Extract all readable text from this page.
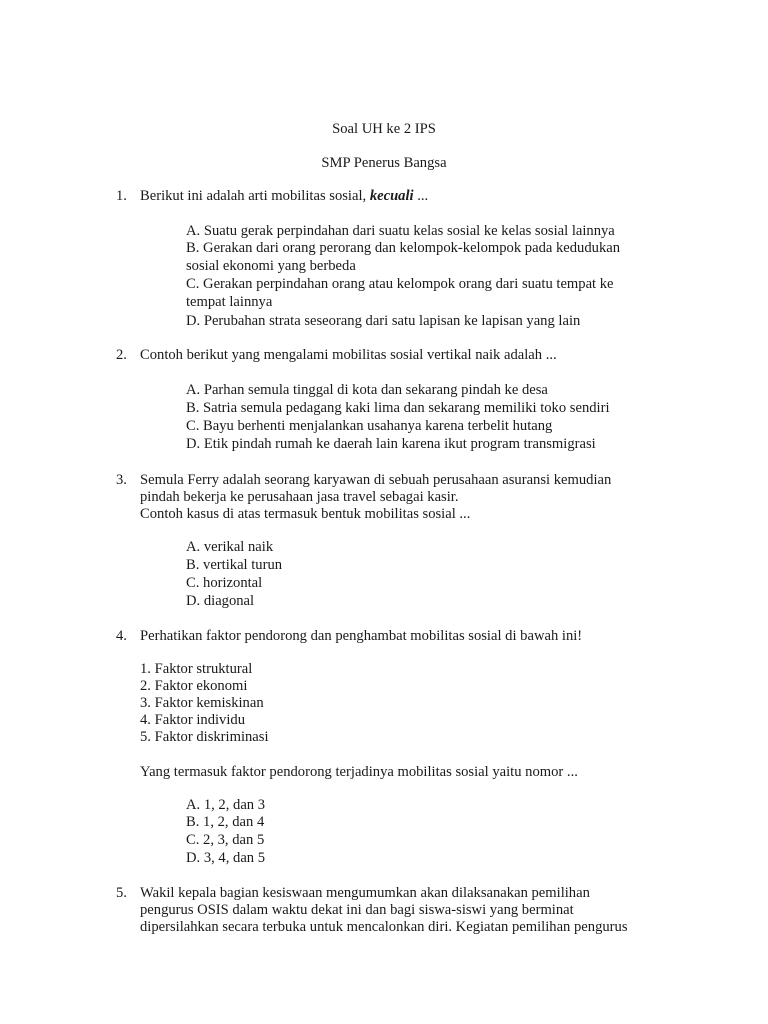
Soal UH ke 2 IPS
SMP Penerus Bangsa
1. Berikut ini adalah arti mobilitas sosial, kecuali ...
A. Suatu gerak perpindahan dari suatu kelas sosial ke kelas sosial lainnya
B. Gerakan dari orang perorang dan kelompok-kelompok pada kedudukan
sosial ekonomi yang berbeda
C. Gerakan perpindahan orang atau kelompok orang dari suatu tempat ke
tempat lainnya
D. Perubahan strata seseorang dari satu lapisan ke lapisan yang lain
2. Contoh berikut yang mengalami mobilitas sosial vertikal naik adalah ...
A. Parhan semula tinggal di kota dan sekarang pindah ke desa
B. Satria semula pedagang kaki lima dan sekarang memiliki toko sendiri
C. Bayu berhenti menjalankan usahanya karena terbelit hutang
D. Etik pindah rumah ke daerah lain karena ikut program transmigrasi
3. Semula Ferry adalah seorang karyawan di sebuah perusahaan asuransi kemudian
pindah bekerja ke perusahaan jasa travel sebagai kasir.
Contoh kasus di atas termasuk bentuk mobilitas sosial ...
A. verikal naik
B. vertikal turun
C. horizontal
D. diagonal
4. Perhatikan faktor pendorong dan penghambat mobilitas sosial di bawah ini!
1. Faktor struktural
2. Faktor ekonomi
3. Faktor kemiskinan
4. Faktor individu
5. Faktor diskriminasi
Yang termasuk faktor pendorong terjadinya mobilitas sosial yaitu nomor ...
A. 1, 2, dan 3
B. 1, 2, dan 4
C. 2, 3, dan 5
D. 3, 4, dan 5
5. Wakil kepala bagian kesiswaan mengumumkan akan dilaksanakan pemilihan
pengurus OSIS dalam waktu dekat ini dan bagi siswa-siswi yang berminat
dipersilahkan secara terbuka untuk mencalonkan diri. Kegiatan pemilihan pengurus
